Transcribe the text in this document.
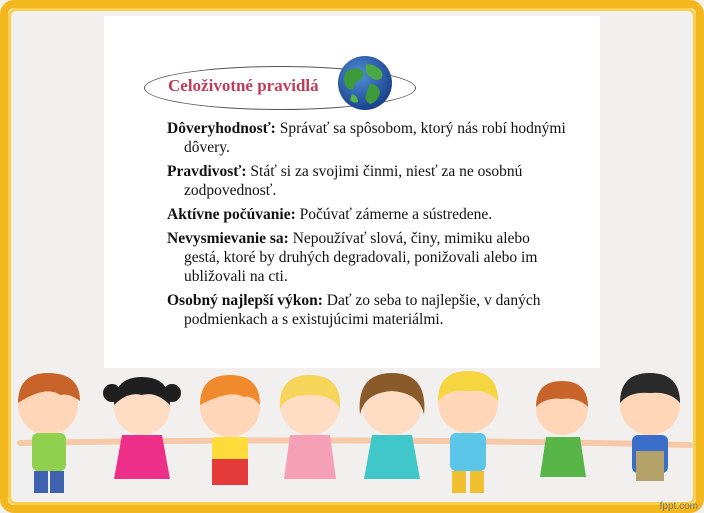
Celoživotné pravidlá
Dôveryhodnosť: Správať sa spôsobom, ktorý nás robí hodnými dôvery.
Pravdivosť: Stáť si za svojimi činmi, niesť za ne osobnú zodpovednosť.
Aktívne počúvanie: Počúvať zámerne a sústredene.
Nevysmievanie sa: Nepoužívať slová, činy, mimiku alebo gestá, ktoré by druhých degradovali, ponižovali alebo im ubližovali na cti.
Osobný najlepší výkon: Dať zo seba to najlepšie, v daných podmienkach a s existujúcimi materiálmi.
fppt.com
